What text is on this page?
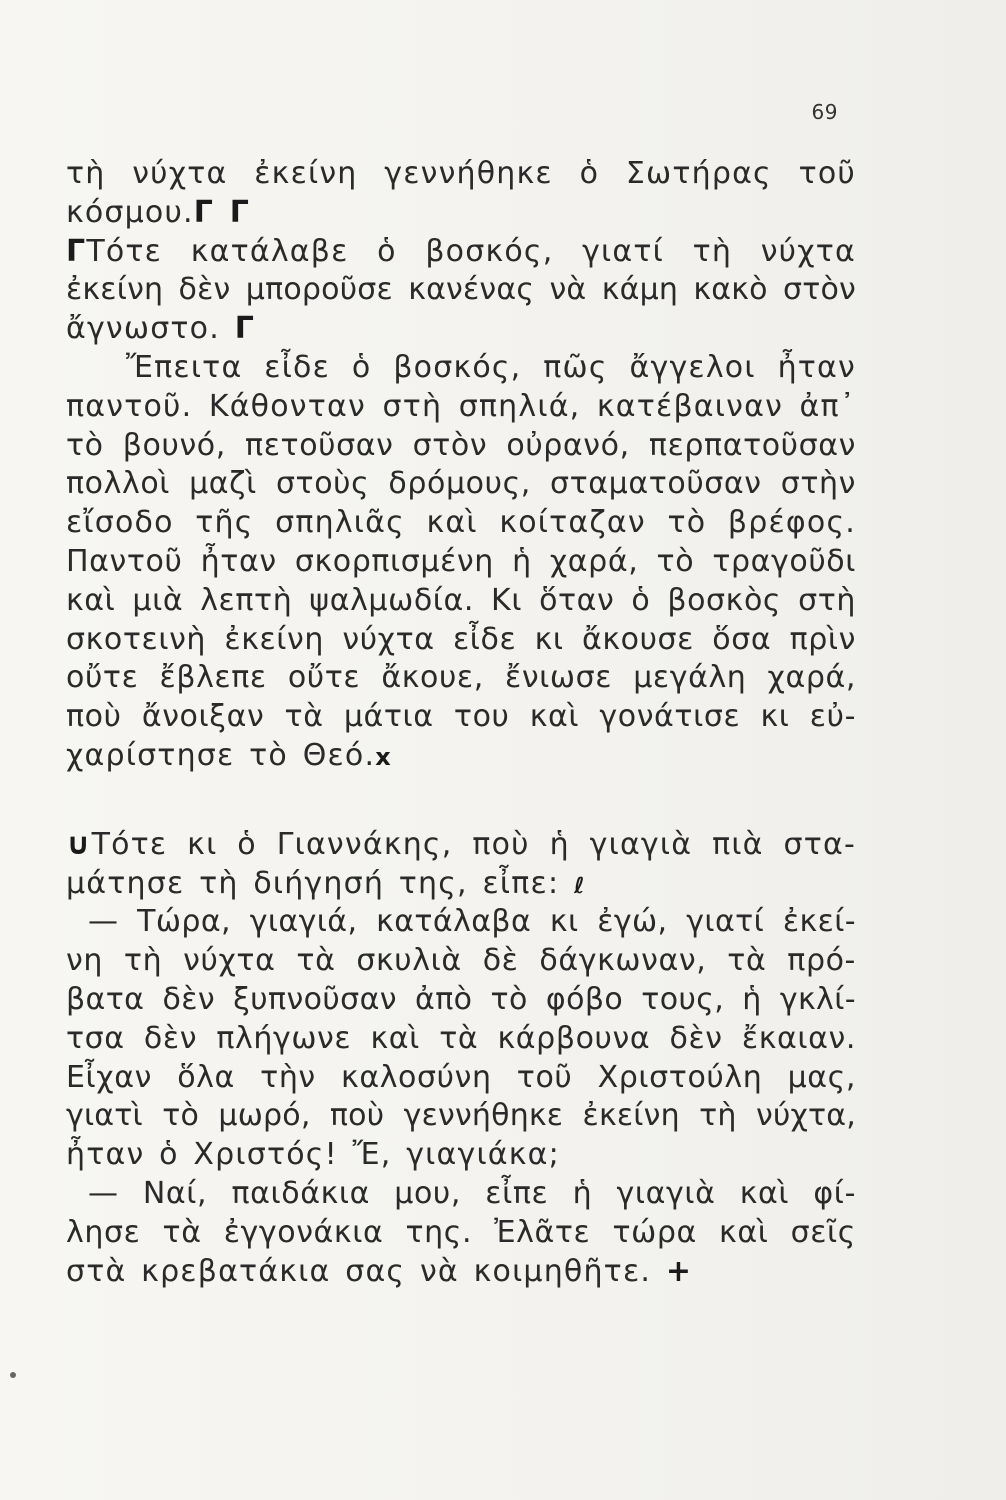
69
τὴ νύχτα ἐκείνη γεννήθηκε ὁ Σωτήρας τοῦ
κόσμου.Γ Γ
ΓΤότε κατάλαβε ὁ βοσκός, γιατί τὴ νύχτα
ἐκείνη δὲν μποροῦσε κανένας νὰ κάμη κακὸ στὸν
ἄγνωστο. Γ
Ἔπειτα εἶδε ὁ βοσκός, πῶς ἄγγελοι ἦταν
παντοῦ. Κάθονταν στὴ σπηλιά, κατέβαιναν ἀπ᾿
τὸ βουνό, πετοῦσαν στὸν οὐρανό, περπατοῦσαν
πολλοὶ μαζὶ στοὺς δρόμους, σταματοῦσαν στὴν
εἴσοδο τῆς σπηλιᾶς καὶ κοίταζαν τὸ βρέφος.
Παντοῦ ἦταν σκορπισμένη ἡ χαρά, τὸ τραγοῦδι
καὶ μιὰ λεπτὴ ψαλμωδία. Κι ὅταν ὁ βοσκὸς στὴ
σκοτεινὴ ἐκείνη νύχτα εἶδε κι ἄκουσε ὅσα πρὶν
οὔτε ἔβλεπε οὔτε ἄκουε, ἔνιωσε μεγάλη χαρά,
ποὺ ἄνοιξαν τὰ μάτια του καὶ γονάτισε κι εὐ-
χαρίστησε τὸ Θεό.x
∪Τότε κι ὁ Γιαννάκης, ποὺ ἡ γιαγιὰ πιὰ στα-
μάτησε τὴ διήγησή της, εἶπε: ℓ
— Τώρα, γιαγιά, κατάλαβα κι ἐγώ, γιατί ἐκεί-
νη τὴ νύχτα τὰ σκυλιὰ δὲ δάγκωναν, τὰ πρό-
βατα δὲν ξυπνοῦσαν ἀπὸ τὸ φόβο τους, ἡ γκλί-
τσα δὲν πλήγωνε καὶ τὰ κάρβουνα δὲν ἔκαιαν.
Εἶχαν ὅλα τὴν καλοσύνη τοῦ Χριστούλη μας,
γιατὶ τὸ μωρό, ποὺ γεννήθηκε ἐκείνη τὴ νύχτα,
ἦταν ὁ Χριστός! Ἔ, γιαγιάκα;
— Ναί, παιδάκια μου, εἶπε ἡ γιαγιὰ καὶ φί-
λησε τὰ ἐγγονάκια της. Ἐλᾶτε τώρα καὶ σεῖς
στὰ κρεβατάκια σας νὰ κοιμηθῆτε. +
